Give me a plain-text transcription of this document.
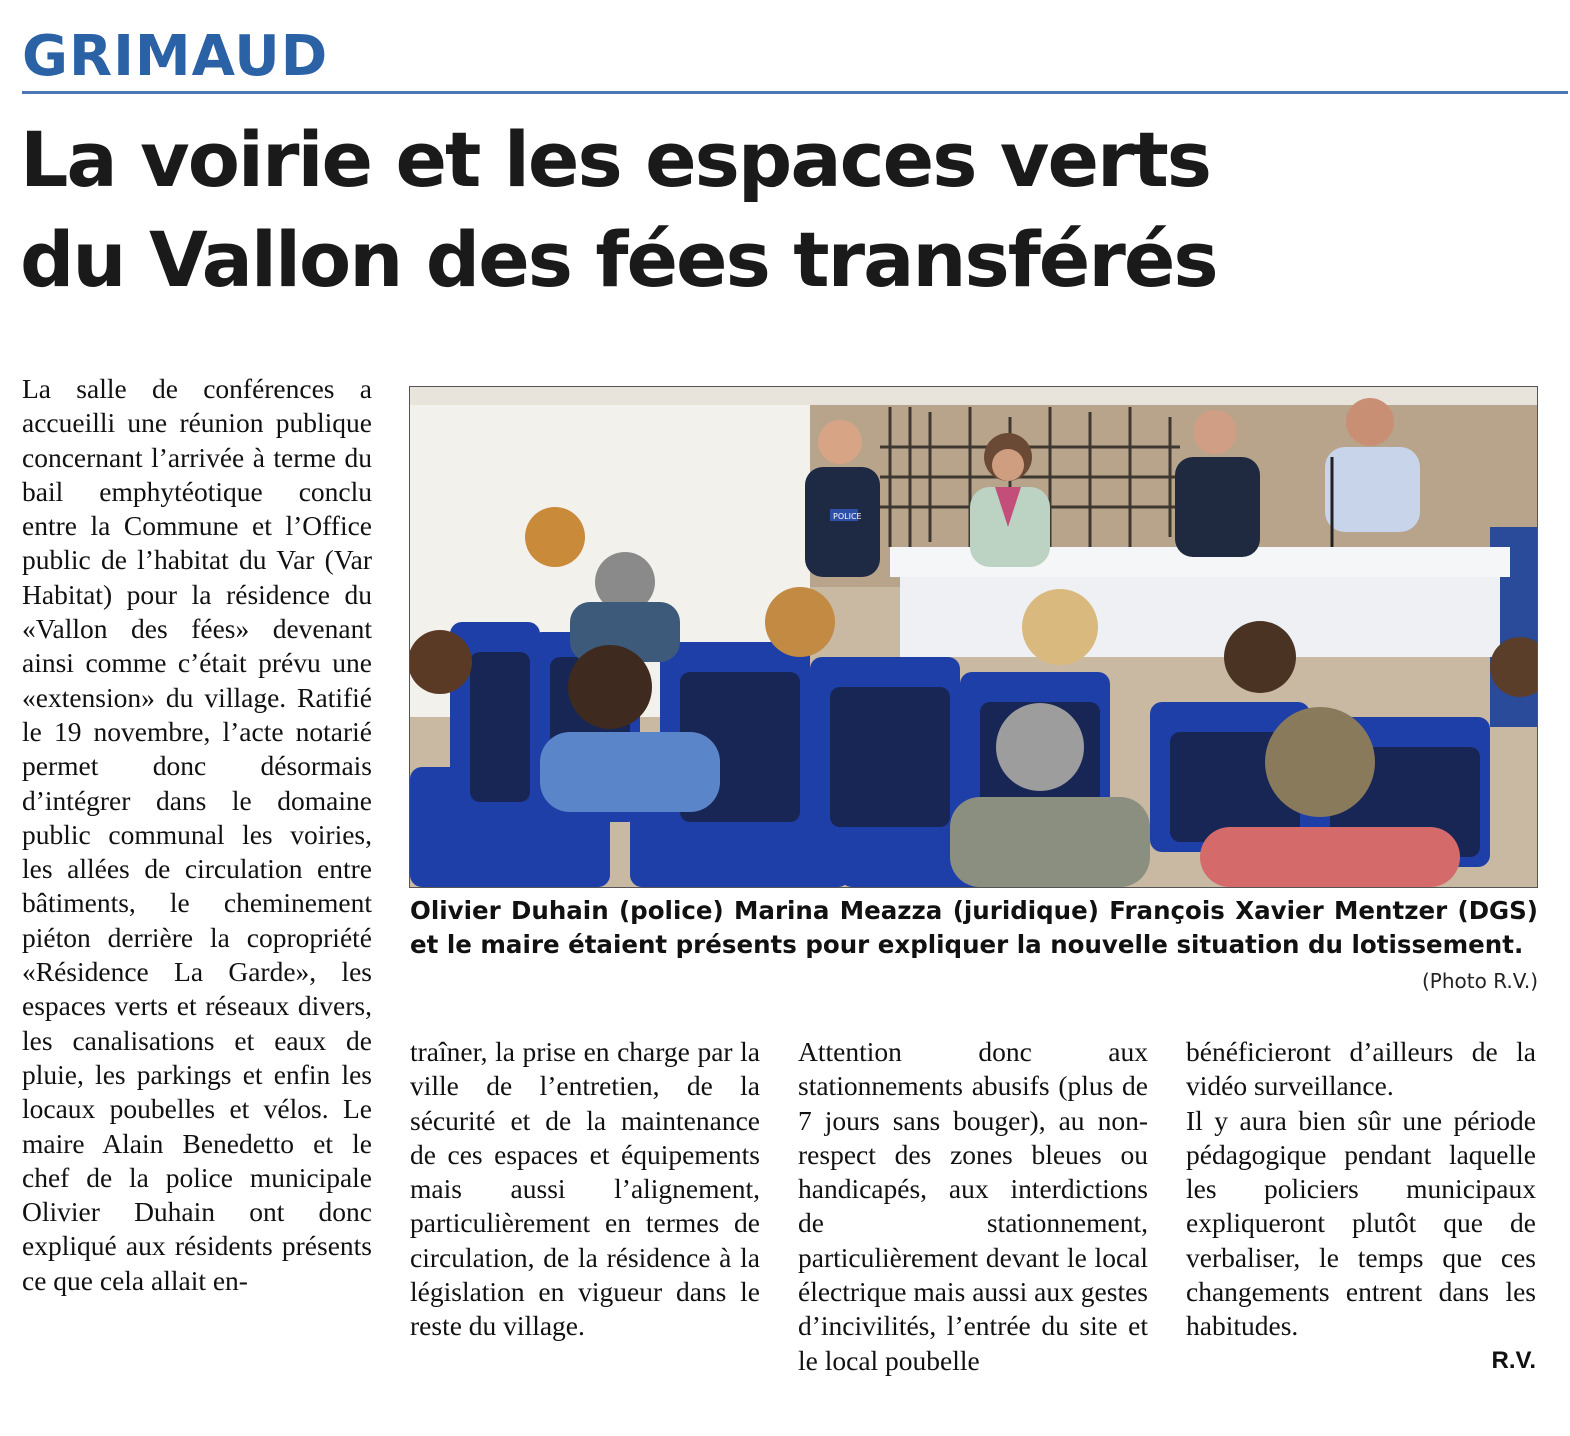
GRIMAUD
La voirie et les espaces verts
du Vallon des fées transférés

La salle de conférences a accueilli une réunion publique concernant l’arrivée à terme du bail emphytéotique conclu entre la Commune et l’Office public de l’habitat du Var (Var Habitat) pour la résidence du «Vallon des fées» devenant ainsi comme c’était prévu une «extension» du village. Ratifié le 19 novembre, l’acte notarié permet donc désormais d’intégrer dans le domaine public communal les voiries, les allées de circulation entre bâtiments, le cheminement piéton derrière la copropriété «Résidence La Garde», les espaces verts et réseaux divers, les canalisations et eaux de pluie, les parkings et enfin les locaux poubelles et vélos. Le maire Alain Benedetto et le chef de la police municipale Olivier Duhain ont donc expliqué aux résidents présents ce que cela allait en-

POLICE
Olivier Duhain (police) Marina Meazza (juridique) François Xavier Mentzer (DGS) et le maire étaient présents pour expliquer la nouvelle situation du lotissement.
(Photo R.V.)

traîner, la prise en charge par la ville de l’entretien, de la sécurité et de la maintenance de ces espaces et équipements mais aussi l’alignement, particulièrement en termes de circulation, de la résidence à la législation en vigueur dans le reste du village.

Attention donc aux stationnements abusifs (plus de 7 jours sans bouger), au non-respect des zones bleues ou handicapés, aux interdictions de stationnement, particulièrement devant le local électrique mais aussi aux gestes d’incivilités, l’entrée du site et le local poubelle

bénéficieront d’ailleurs de la vidéo surveillance.

Il y aura bien sûr une période pédagogique pendant laquelle les policiers municipaux expliqueront plutôt que de verbaliser, le temps que ces changements entrent dans les habitudes.

R.V.
